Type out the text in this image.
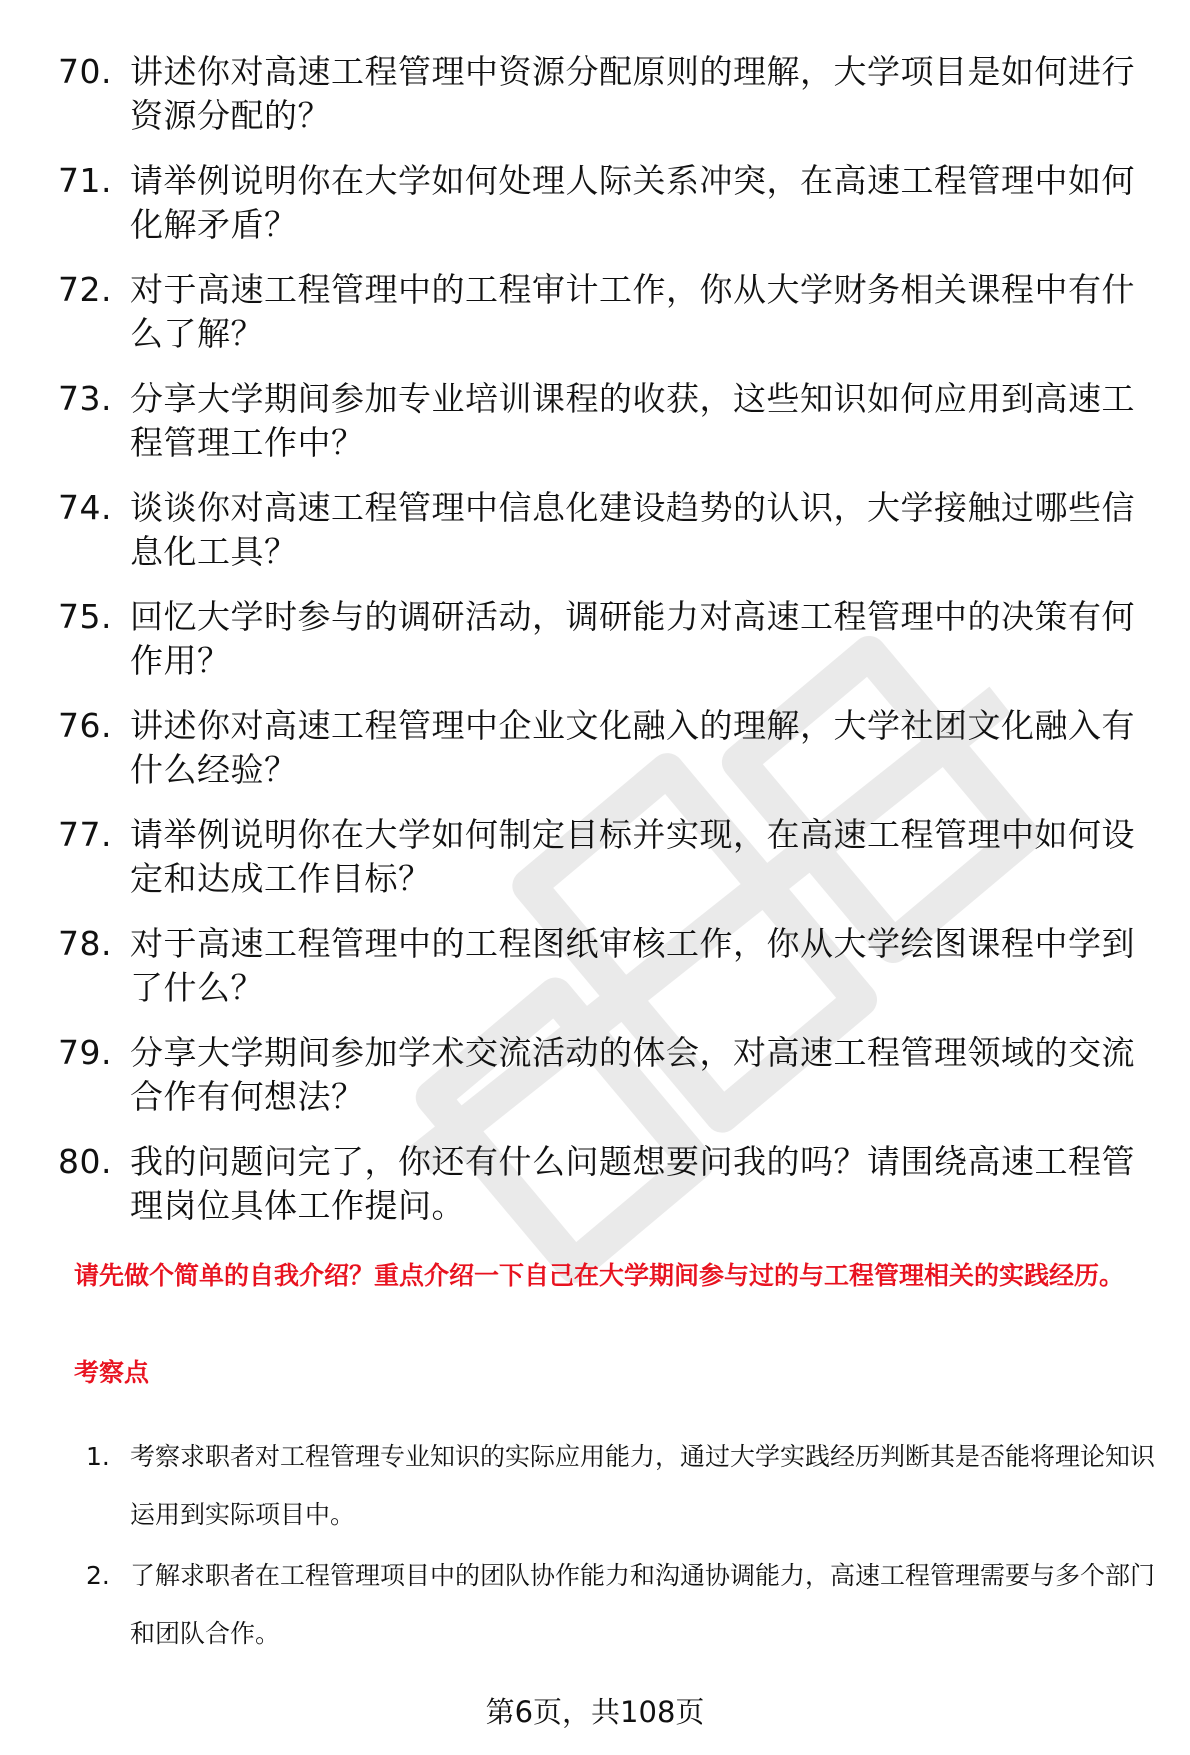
70. 讲述你对高速工程管理中资源分配原则的理解，大学项目是如何进行资源分配的？
71. 请举例说明你在大学如何处理人际关系冲突，在高速工程管理中如何化解矛盾？
72. 对于高速工程管理中的工程审计工作，你从大学财务相关课程中有什么了解？
73. 分享大学期间参加专业培训课程的收获，这些知识如何应用到高速工程管理工作中？
74. 谈谈你对高速工程管理中信息化建设趋势的认识，大学接触过哪些信息化工具？
75. 回忆大学时参与的调研活动，调研能力对高速工程管理中的决策有何作用？
76. 讲述你对高速工程管理中企业文化融入的理解，大学社团文化融入有什么经验？
77. 请举例说明你在大学如何制定目标并实现，在高速工程管理中如何设定和达成工作目标？
78. 对于高速工程管理中的工程图纸审核工作，你从大学绘图课程中学到了什么？
79. 分享大学期间参加学术交流活动的体会，对高速工程管理领域的交流合作有何想法？
80. 我的问题问完了，你还有什么问题想要问我的吗？请围绕高速工程管理岗位具体工作提问。
请先做个简单的自我介绍？重点介绍一下自己在大学期间参与过的与工程管理相关的实践经历。
考察点
1. 考察求职者对工程管理专业知识的实际应用能力，通过大学实践经历判断其是否能将理论知识运用到实际项目中。
2. 了解求职者在工程管理项目中的团队协作能力和沟通协调能力，高速工程管理需要与多个部门和团队合作。
第6页，共108页
